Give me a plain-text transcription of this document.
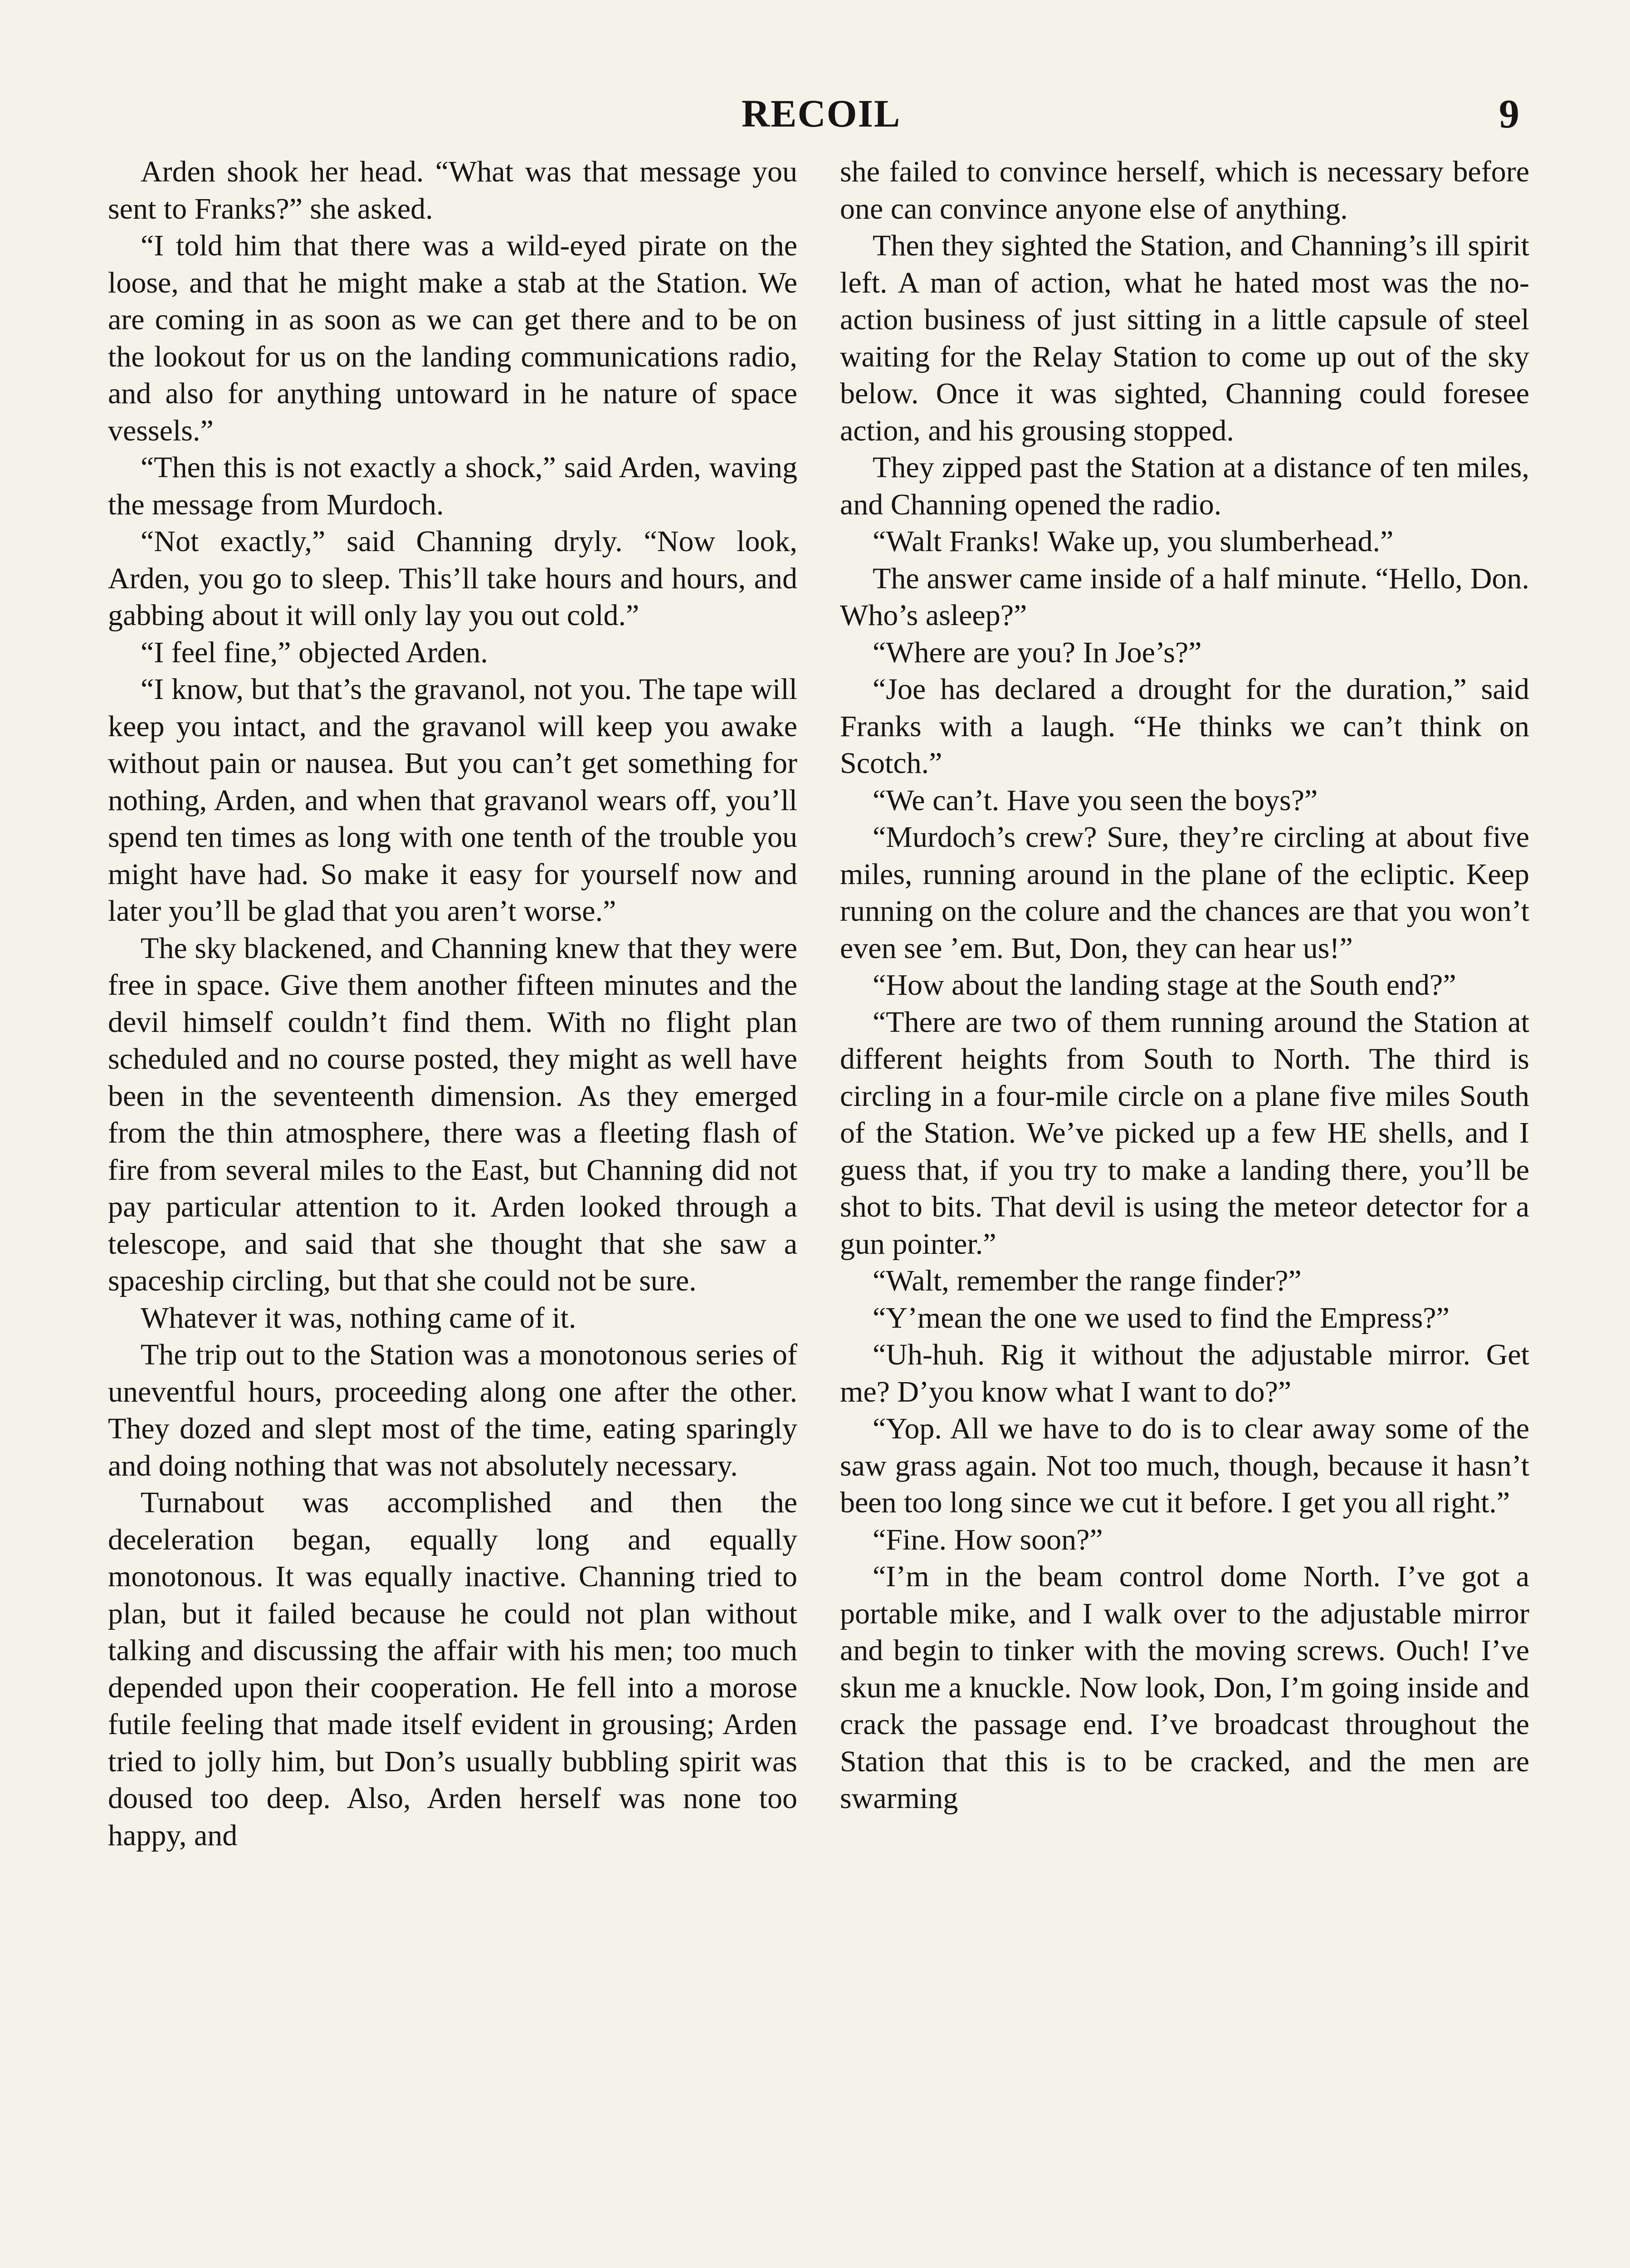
RECOIL	9

Arden shook her head. “What was that message you sent to Franks?” she asked.

“I told him that there was a wild-eyed pirate on the loose, and that he might make a stab at the Station. We are coming in as soon as we can get there and to be on the lookout for us on the landing communications radio, and also for anything untoward in he nature of space vessels.”

“Then this is not exactly a shock,” said Arden, waving the message from Murdoch.

“Not exactly,” said Channing dryly. “Now look, Arden, you go to sleep. This’ll take hours and hours, and gabbing about it will only lay you out cold.”

“I feel fine,” objected Arden.

“I know, but that’s the gravanol, not you. The tape will keep you intact, and the gravanol will keep you awake without pain or nausea. But you can’t get something for nothing, Arden, and when that gravanol wears off, you’ll spend ten times as long with one tenth of the trouble you might have had. So make it easy for yourself now and later you’ll be glad that you aren’t worse.”

The sky blackened, and Channing knew that they were free in space. Give them another fifteen minutes and the devil himself couldn’t find them. With no flight plan scheduled and no course posted, they might as well have been in the seventeenth dimension. As they emerged from the thin atmosphere, there was a fleeting flash of fire from several miles to the East, but Channing did not pay particular attention to it. Arden looked through a telescope, and said that she thought that she saw a spaceship circling, but that she could not be sure.

Whatever it was, nothing came of it.

The trip out to the Station was a monotonous series of uneventful hours, proceeding along one after the other. They dozed and slept most of the time, eating sparingly and doing nothing that was not absolutely necessary.

Turnabout was accomplished and then the deceleration began, equally long and equally monotonous. It was equally inactive. Channing tried to plan, but it failed because he could not plan without talking and discussing the affair with his men; too much depended upon their cooperation. He fell into a morose futile feeling that made itself evident in grousing; Arden tried to jolly him, but Don’s usually bubbling spirit was doused too deep. Also, Arden herself was none too happy, and

she failed to convince herself, which is necessary before one can convince anyone else of anything.

Then they sighted the Station, and Channing’s ill spirit left. A man of action, what he hated most was the no-action business of just sitting in a little capsule of steel waiting for the Relay Station to come up out of the sky below. Once it was sighted, Channing could foresee action, and his grousing stopped.

They zipped past the Station at a distance of ten miles, and Channing opened the radio.

“Walt Franks! Wake up, you slumberhead.”

The answer came inside of a half minute. “Hello, Don. Who’s asleep?”

“Where are you? In Joe’s?”

“Joe has declared a drought for the duration,” said Franks with a laugh. “He thinks we can’t think on Scotch.”

“We can’t. Have you seen the boys?”

“Murdoch’s crew? Sure, they’re circling at about five miles, running around in the plane of the ecliptic. Keep running on the colure and the chances are that you won’t even see ’em. But, Don, they can hear us!”

“How about the landing stage at the South end?”

“There are two of them running around the Station at different heights from South to North. The third is circling in a four-mile circle on a plane five miles South of the Station. We’ve picked up a few HE shells, and I guess that, if you try to make a landing there, you’ll be shot to bits. That devil is using the meteor detector for a gun pointer.”

“Walt, remember the range finder?”

“Y’mean the one we used to find the Empress?”

“Uh-huh. Rig it without the adjustable mirror. Get me? D’you know what I want to do?”

“Yop. All we have to do is to clear away some of the saw grass again. Not too much, though, because it hasn’t been too long since we cut it before. I get you all right.”

“Fine. How soon?”

“I’m in the beam control dome North. I’ve got a portable mike, and I walk over to the adjustable mirror and begin to tinker with the moving screws. Ouch! I’ve skun me a knuckle. Now look, Don, I’m going inside and crack the passage end. I’ve broadcast throughout the Station that this is to be cracked, and the men are swarming
